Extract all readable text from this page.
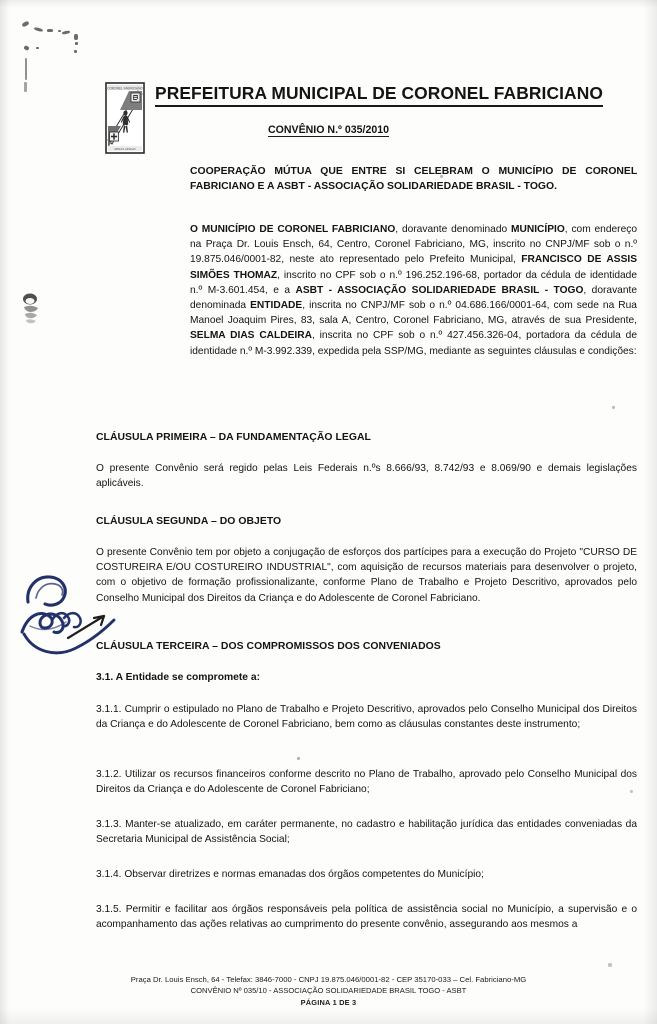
CORONEL FABRICIANO
MINAS GERAIS
PREFEITURA MUNICIPAL DE CORONEL FABRICIANO
CONVÊNIO N.º 035/2010
COOPERAÇÃO MÚTUA QUE ENTRE SI CELEBRAM O MUNICÍPIO DE CORONEL FABRICIANO E A ASBT - ASSOCIAÇÃO SOLIDARIEDADE BRASIL - TOGO.
O MUNICÍPIO DE CORONEL FABRICIANO, doravante denominado MUNICÍPIO, com endereço na Praça Dr. Louis Ensch, 64, Centro, Coronel Fabriciano, MG, inscrito no CNPJ/MF sob o n.º 19.875.046/0001-82, neste ato representado pelo Prefeito Municipal, FRANCISCO DE ASSIS SIMÕES THOMAZ, inscrito no CPF sob o n.º 196.252.196-68, portador da cédula de identidade n.º M-3.601.454, e a ASBT - ASSOCIAÇÃO SOLIDARIEDADE BRASIL - TOGO, doravante denominada ENTIDADE, inscrita no CNPJ/MF sob o n.º 04.686.166/0001-64, com sede na Rua Manoel Joaquim Pires, 83, sala A, Centro, Coronel Fabriciano, MG, através de sua Presidente, SELMA DIAS CALDEIRA, inscrita no CPF sob o n.º 427.456.326-04, portadora da cédula de identidade n.º M-3.992.339, expedida pela SSP/MG, mediante as seguintes cláusulas e condições:
CLÁUSULA PRIMEIRA – DA FUNDAMENTAÇÃO LEGAL
O presente Convênio será regido pelas Leis Federais n.ºs 8.666/93, 8.742/93 e 8.069/90 e demais legislações aplicáveis.
CLÁUSULA SEGUNDA – DO OBJETO
O presente Convênio tem por objeto a conjugação de esforços dos partícipes para a execução do Projeto "CURSO DE COSTUREIRA E/OU COSTUREIRO INDUSTRIAL", com aquisição de recursos materiais para desenvolver o projeto, com o objetivo de formação profissionalizante, conforme Plano de Trabalho e Projeto Descritivo, aprovados pelo Conselho Municipal dos Direitos da Criança e do Adolescente de Coronel Fabriciano.
CLÁUSULA TERCEIRA – DOS COMPROMISSOS DOS CONVENIADOS
3.1. A Entidade se compromete a:
3.1.1. Cumprir o estipulado no Plano de Trabalho e Projeto Descritivo, aprovados pelo Conselho Municipal dos Direitos da Criança e do Adolescente de Coronel Fabriciano, bem como as cláusulas constantes deste instrumento;
3.1.2. Utilizar os recursos financeiros conforme descrito no Plano de Trabalho, aprovado pelo Conselho Municipal dos Direitos da Criança e do Adolescente de Coronel Fabriciano;
3.1.3. Manter-se atualizado, em caráter permanente, no cadastro e habilitação jurídica das entidades conveniadas da Secretaria Municipal de Assistência Social;
3.1.4. Observar diretrizes e normas emanadas dos órgãos competentes do Município;
3.1.5. Permitir e facilitar aos órgãos responsáveis pela política de assistência social no Município, a supervisão e o acompanhamento das ações relativas ao cumprimento do presente convênio, assegurando aos mesmos a
Praça Dr. Louis Ensch, 64 - Telefax: 3846-7000 - CNPJ 19.875.046/0001-82 - CEP 35170-033 – Cel. Fabriciano-MG
CONVÊNIO Nº 035/10 - ASSOCIAÇÃO SOLIDARIEDADE BRASIL TOGO - ASBT
PÁGINA 1 DE 3
